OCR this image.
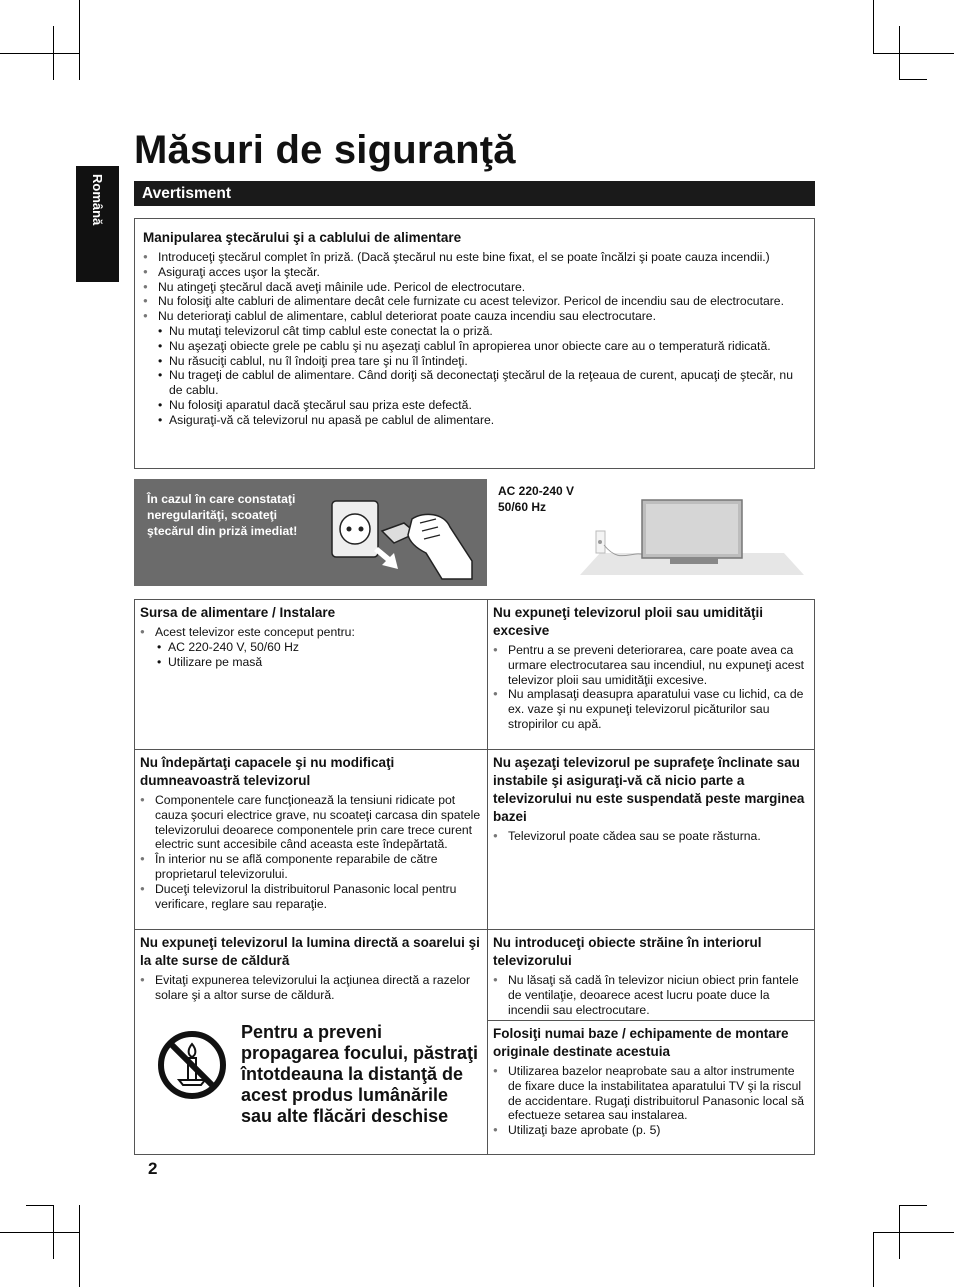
Română
Măsuri de siguranţă
Avertisment
Manipularea ştecărului şi a cablului de alimentare
● Introduceţi ştecărul complet în priză. (Dacă ştecărul nu este bine fixat, el se poate încălzi şi poate cauza incendii.)
● Asiguraţi acces uşor la ştecăr.
● Nu atingeţi ştecărul dacă aveţi mâinile ude. Pericol de electrocutare.
● Nu folosiţi alte cabluri de alimentare decât cele furnizate cu acest televizor. Pericol de incendiu sau de electrocutare.
● Nu deterioraţi cablul de alimentare, cablul deteriorat poate cauza incendiu sau electrocutare.
• Nu mutaţi televizorul cât timp cablul este conectat la o priză.
• Nu aşezaţi obiecte grele pe cablu şi nu aşezaţi cablul în apropierea unor obiecte care au o temperatură ridicată.
• Nu răsuciţi cablul, nu îl îndoiţi prea tare şi nu îl întindeţi.
• Nu trageţi de cablul de alimentare. Când doriţi să deconectaţi ştecărul de la reţeaua de curent, apucaţi de ştecăr, nu de cablu.
• Nu folosiţi aparatul dacă ştecărul sau priza este defectă.
• Asiguraţi-vă că televizorul nu apasă pe cablul de alimentare.

În cazul în care constataţi neregularităţi, scoateţi ştecărul din priză imediat!

AC 220-240 V
50/60 Hz
Sursa de alimentare / Instalare
● Acest televizor este conceput pentru:
• AC 220-240 V, 50/60 Hz
• Utilizare pe masă
Nu expuneţi televizorul ploii sau umidităţii excesive
● Pentru a se preveni deteriorarea, care poate avea ca urmare electrocutarea sau incendiul, nu expuneţi acest televizor ploii sau umidităţii excesive.
● Nu amplasaţi deasupra aparatului vase cu lichid, ca de ex. vaze şi nu expuneţi televizorul picăturilor sau stropirilor cu apă.
Nu îndepărtaţi capacele şi nu modificaţi dumneavoastră televizorul
● Componentele care funcţionează la tensiuni ridicate pot cauza şocuri electrice grave, nu scoateţi carcasa din spatele televizorului deoarece componentele prin care trece curent electric sunt accesibile când aceasta este îndepărtată.
● În interior nu se află componente reparabile de către proprietarul televizorului.
● Duceţi televizorul la distribuitorul Panasonic local pentru verificare, reglare sau reparaţie.
Nu aşezaţi televizorul pe suprafeţe înclinate sau instabile şi asiguraţi-vă că nicio parte a televizorului nu este suspendată peste marginea bazei
● Televizorul poate cădea sau se poate răsturna.
Nu expuneţi televizorul la lumina directă a soarelui şi la alte surse de căldură
● Evitaţi expunerea televizorului la acţiunea directă a razelor solare şi a altor surse de căldură.
Nu introduceţi obiecte străine în interiorul televizorului
● Nu lăsaţi să cadă în televizor niciun obiect prin fantele de ventilaţie, deoarece acest lucru poate duce la incendii sau electrocutare.
Folosiţi numai baze / echipamente de montare originale destinate acestuia
● Utilizarea bazelor neaprobate sau a altor instrumente de fixare duce la instabilitatea aparatului TV şi la riscul de accidentare. Rugaţi distribuitorul Panasonic local să efectueze setarea sau instalarea.
● Utilizaţi baze aprobate (p. 5)
Pentru a preveni propagarea focului, păstraţi întotdeauna la distanţă de acest produs lumânările sau alte flăcări deschise
2
